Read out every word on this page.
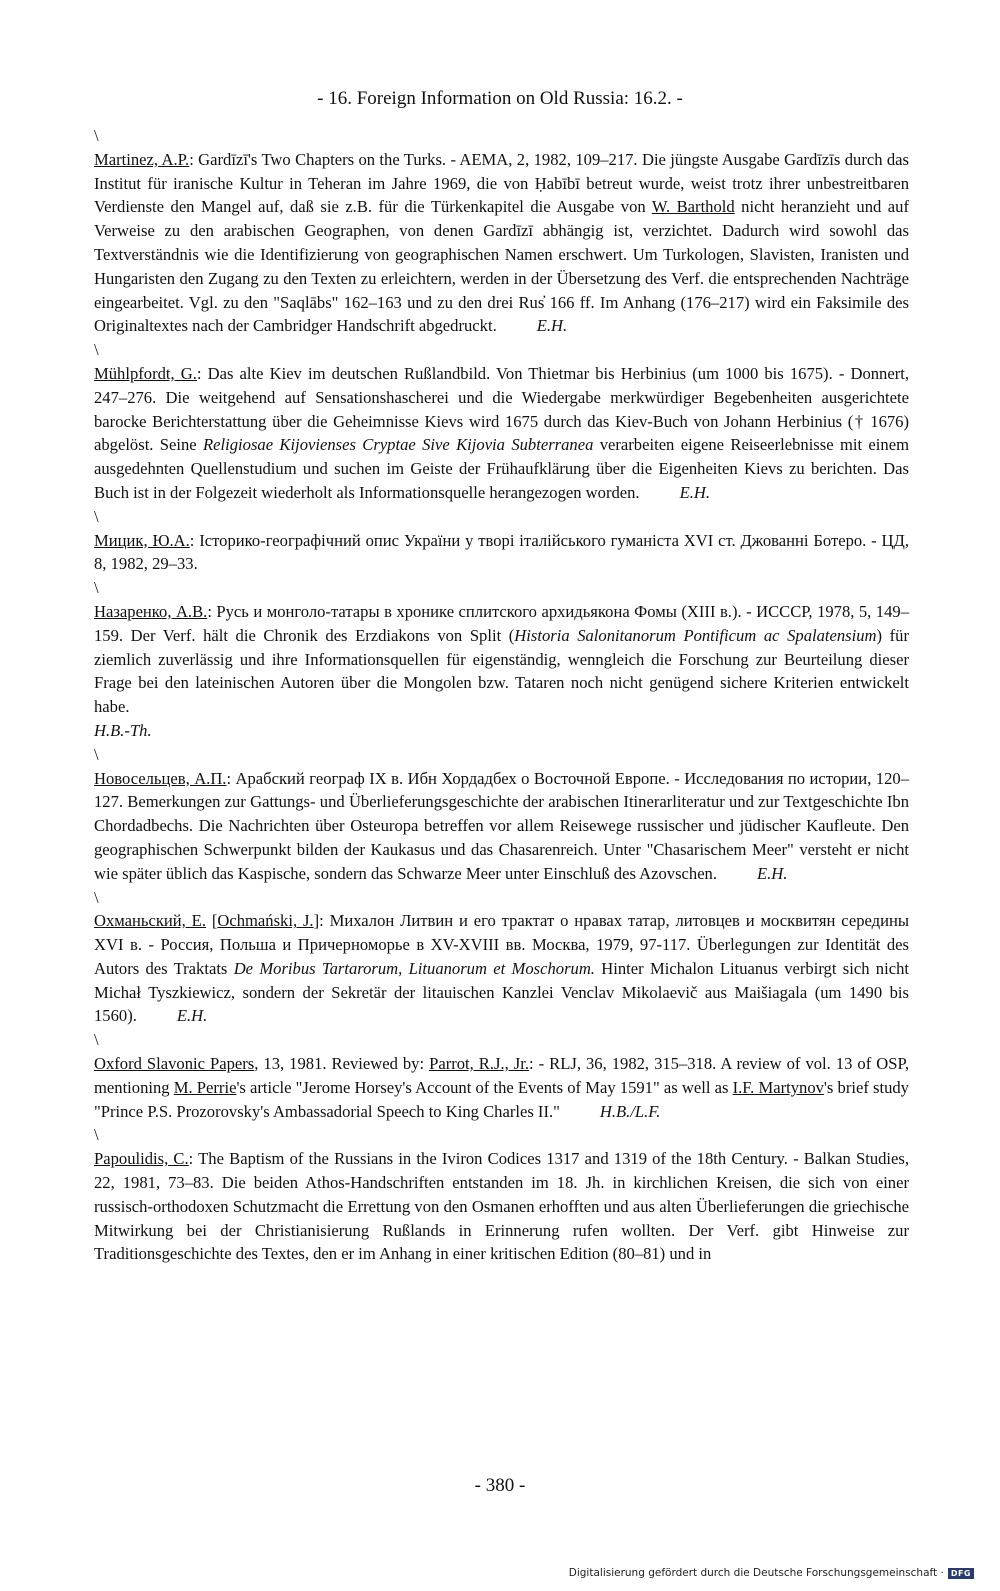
- 16. Foreign Information on Old Russia: 16.2. -
\
Martinez, A.P.: Gardīzī's Two Chapters on the Turks. - AEMA, 2, 1982, 109–217. Die jüngste Ausgabe Gardīzīs durch das Institut für iranische Kultur in Teheran im Jahre 1969, die von Ḥabībī betreut wurde, weist trotz ihrer unbestreitbaren Verdienste den Mangel auf, daß sie z.B. für die Türkenkapitel die Ausgabe von W. Barthold nicht heranzieht und auf Verweise zu den arabischen Geographen, von denen Gardīzī abhängig ist, verzichtet. Dadurch wird sowohl das Textverständnis wie die Identifizierung von geographischen Namen erschwert. Um Turkologen, Slavisten, Iranisten und Hungaristen den Zugang zu den Texten zu erleichtern, werden in der Übersetzung des Verf. die entsprechenden Nachträge eingearbeitet. Vgl. zu den "Saqlābs" 162–163 und zu den drei Rus̓ 166 ff. Im Anhang (176–217) wird ein Faksimile des Originaltextes nach der Cambridger Handschrift abgedruckt. E.H.
\
Mühlpfordt, G.: Das alte Kiev im deutschen Rußlandbild. Von Thietmar bis Herbinius (um 1000 bis 1675). - Donnert, 247–276. Die weitgehend auf Sensationshascherei und die Wiedergabe merkwürdiger Begebenheiten ausgerichtete barocke Berichterstattung über die Geheimnisse Kievs wird 1675 durch das Kiev-Buch von Johann Herbinius († 1676) abgelöst. Seine Religiosae Kijovienses Cryptae Sive Kijovia Subterranea verarbeiten eigene Reiseerlebnisse mit einem ausgedehnten Quellenstudium und suchen im Geiste der Frühaufklärung über die Eigenheiten Kievs zu berichten. Das Buch ist in der Folgezeit wiederholt als Informationsquelle herangezogen worden. E.H.
\
Мицик, Ю.А.: Історико-географічний опис України у творі італійського гуманіста XVI ст. Джованні Ботеро. - ЦД, 8, 1982, 29–33.
\
Назаренко, А.В.: Русь и монголо-татары в хронике сплитского архидьякона Фомы (XIII в.). - ИСССР, 1978, 5, 149–159. Der Verf. hält die Chronik des Erzdiakons von Split (Historia Salonitanorum Pontificum ac Spalatensium) für ziemlich zuverlässig und ihre Informationsquellen für eigenständig, wenngleich die Forschung zur Beurteilung dieser Frage bei den lateinischen Autoren über die Mongolen bzw. Tataren noch nicht genügend sichere Kriterien entwickelt habe.
H.B.-Th.
\
Новосельцев, А.П.: Арабский географ IX в. Ибн Хордадбех о Восточной Европе. - Исследования по истории, 120–127. Bemerkungen zur Gattungs- und Überlieferungsgeschichte der arabischen Itinerarliteratur und zur Textgeschichte Ibn Chordadbechs. Die Nachrichten über Osteuropa betreffen vor allem Reisewege russischer und jüdischer Kaufleute. Den geographischen Schwerpunkt bilden der Kaukasus und das Chasarenreich. Unter "Chasarischem Meer" versteht er nicht wie später üblich das Kaspische, sondern das Schwarze Meer unter Einschluß des Azovschen. E.H.
\
Охманьский, Е. [Ochmański, J.]: Михалон Литвин и его трактат о нравах татар, литовцев и москвитян середины XVI в. - Россия, Польша и Причерноморье в XV-XVIII вв. Москва, 1979, 97-117. Überlegungen zur Identität des Autors des Traktats De Moribus Tartarorum, Lituanorum et Moschorum. Hinter Michalon Lituanus verbirgt sich nicht Michał Tyszkiewicz, sondern der Sekretär der litauischen Kanzlei Venclav Mikolaevič aus Maišiagala (um 1490 bis 1560). E.H.
\
Oxford Slavonic Papers, 13, 1981. Reviewed by: Parrot, R.J., Jr.: - RLJ, 36, 1982, 315–318. A review of vol. 13 of OSP, mentioning M. Perrie's article "Jerome Horsey's Account of the Events of May 1591" as well as I.F. Martynov's brief study "Prince P.S. Prozorovsky's Ambassadorial Speech to King Charles II." H.B./L.F.
\
Papoulidis, C.: The Baptism of the Russians in the Iviron Codices 1317 and 1319 of the 18th Century. - Balkan Studies, 22, 1981, 73–83. Die beiden Athos-Handschriften entstanden im 18. Jh. in kirchlichen Kreisen, die sich von einer russisch-orthodoxen Schutzmacht die Errettung von den Osmanen erhofften und aus alten Überlieferungen die griechische Mitwirkung bei der Christianisierung Rußlands in Erinnerung rufen wollten. Der Verf. gibt Hinweise zur Traditionsgeschichte des Textes, den er im Anhang in einer kritischen Edition (80–81) und in
- 380 -
Digitalisierung gefördert durch die Deutsche Forschungsgemeinschaft · DFG
